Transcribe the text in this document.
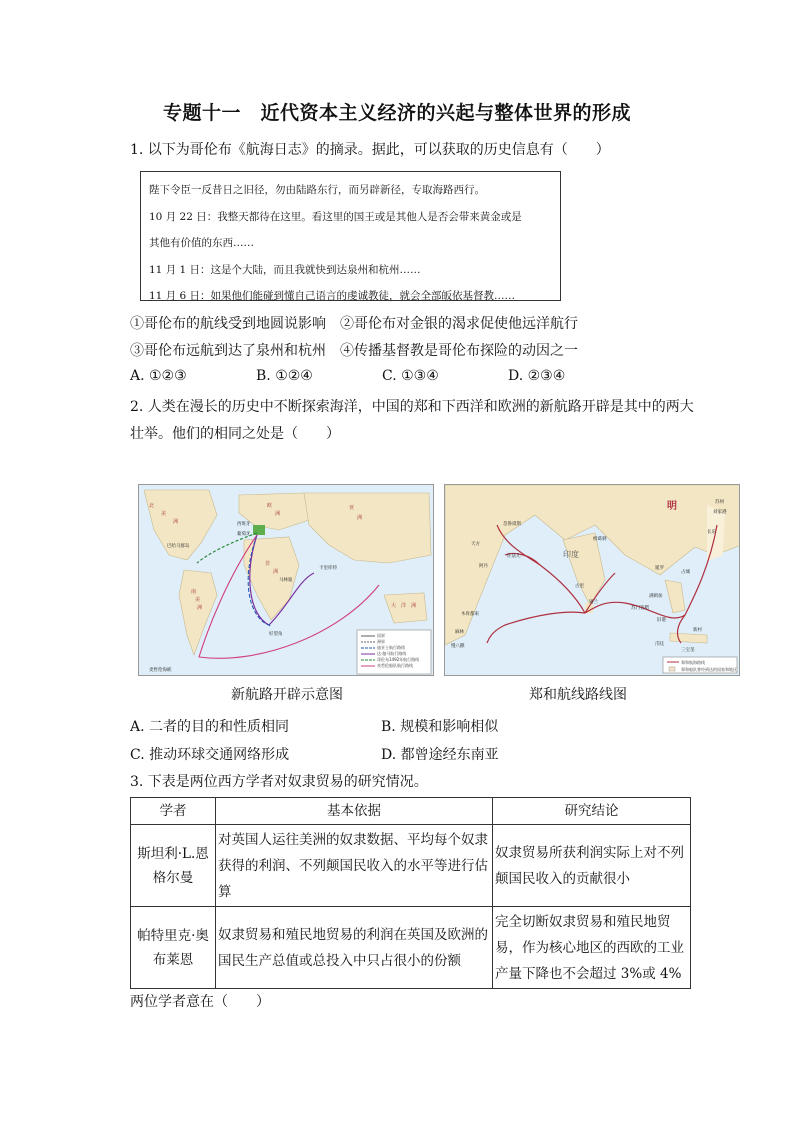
专题十一　近代资本主义经济的兴起与整体世界的形成
1. 以下为哥伦布《航海日志》的摘录。据此，可以获取的历史信息有（　　）
陛下令臣一反昔日之旧径，勿由陆路东行，而另辟新径，专取海路西行。
10 月 22 日：我整天都待在这里。看这里的国王或是其他人是否会带来黄金或是
其他有价值的东西……
11 月 1 日：这是个大陆，而且我就快到达泉州和杭州……
11 月 6 日：如果他们能碰到懂自己语言的虔诚教徒，就会全部皈依基督教……
①哥伦布的航线受到地圆说影响　②哥伦布对金银的渴求促使他远洋航行
③哥伦布远航到达了泉州和杭州　④传播基督教是哥伦布探险的动因之一
A. ①②③	B. ①②④	C. ①③④	D. ②③④
2. 人类在漫长的历史中不断探索海洋，中国的郑和下西洋和欧洲的新航路开辟是其中的两大
壮举。他们的相同之处是（　　）
国界
洲界
迪亚士航行路线
达·伽马航行路线
哥伦布1492年航行路线
麦哲伦船队航行路线
北
美
洲
欧
洲
亚
洲
非
洲
南
美
洲	大 洋 洲
巴哈马群岛
西班牙
葡萄牙
马林迪
卡里库特
好望角
麦哲伦海峡
郑和航海路线
郑和船队曾经到达的国家和地区
明
忽鲁谟斯
天方
阿丹
佐法儿	印度
榜葛剌
古里
锡兰
木骨都束
麻林
慢八撒
暹罗
占城
满剌加
苏门答腊
旧港
爪哇
三宝垄
苏州
刘家港
长乐
新村
新航路开辟示意图	郑和航线路线图
A. 二者的目的和性质相同	B. 规模和影响相似
C. 推动环球交通网络形成	D. 都曾途经东南亚
3. 下表是两位西方学者对奴隶贸易的研究情况。
学者	基本依据	研究结论
斯坦利·L.恩格尔曼	对英国人运往美洲的奴隶数据、平均每个奴隶获得的利润、不列颠国民收入的水平等进行估算	奴隶贸易所获利润实际上对不列颠国民收入的贡献很小
帕特里克·奥布莱恩	奴隶贸易和殖民地贸易的利润在英国及欧洲的国民生产总值或总投入中只占很小的份额	完全切断奴隶贸易和殖民地贸易，作为核心地区的西欧的工业产量下降也不会超过 3%或 4%
两位学者意在（　　）
